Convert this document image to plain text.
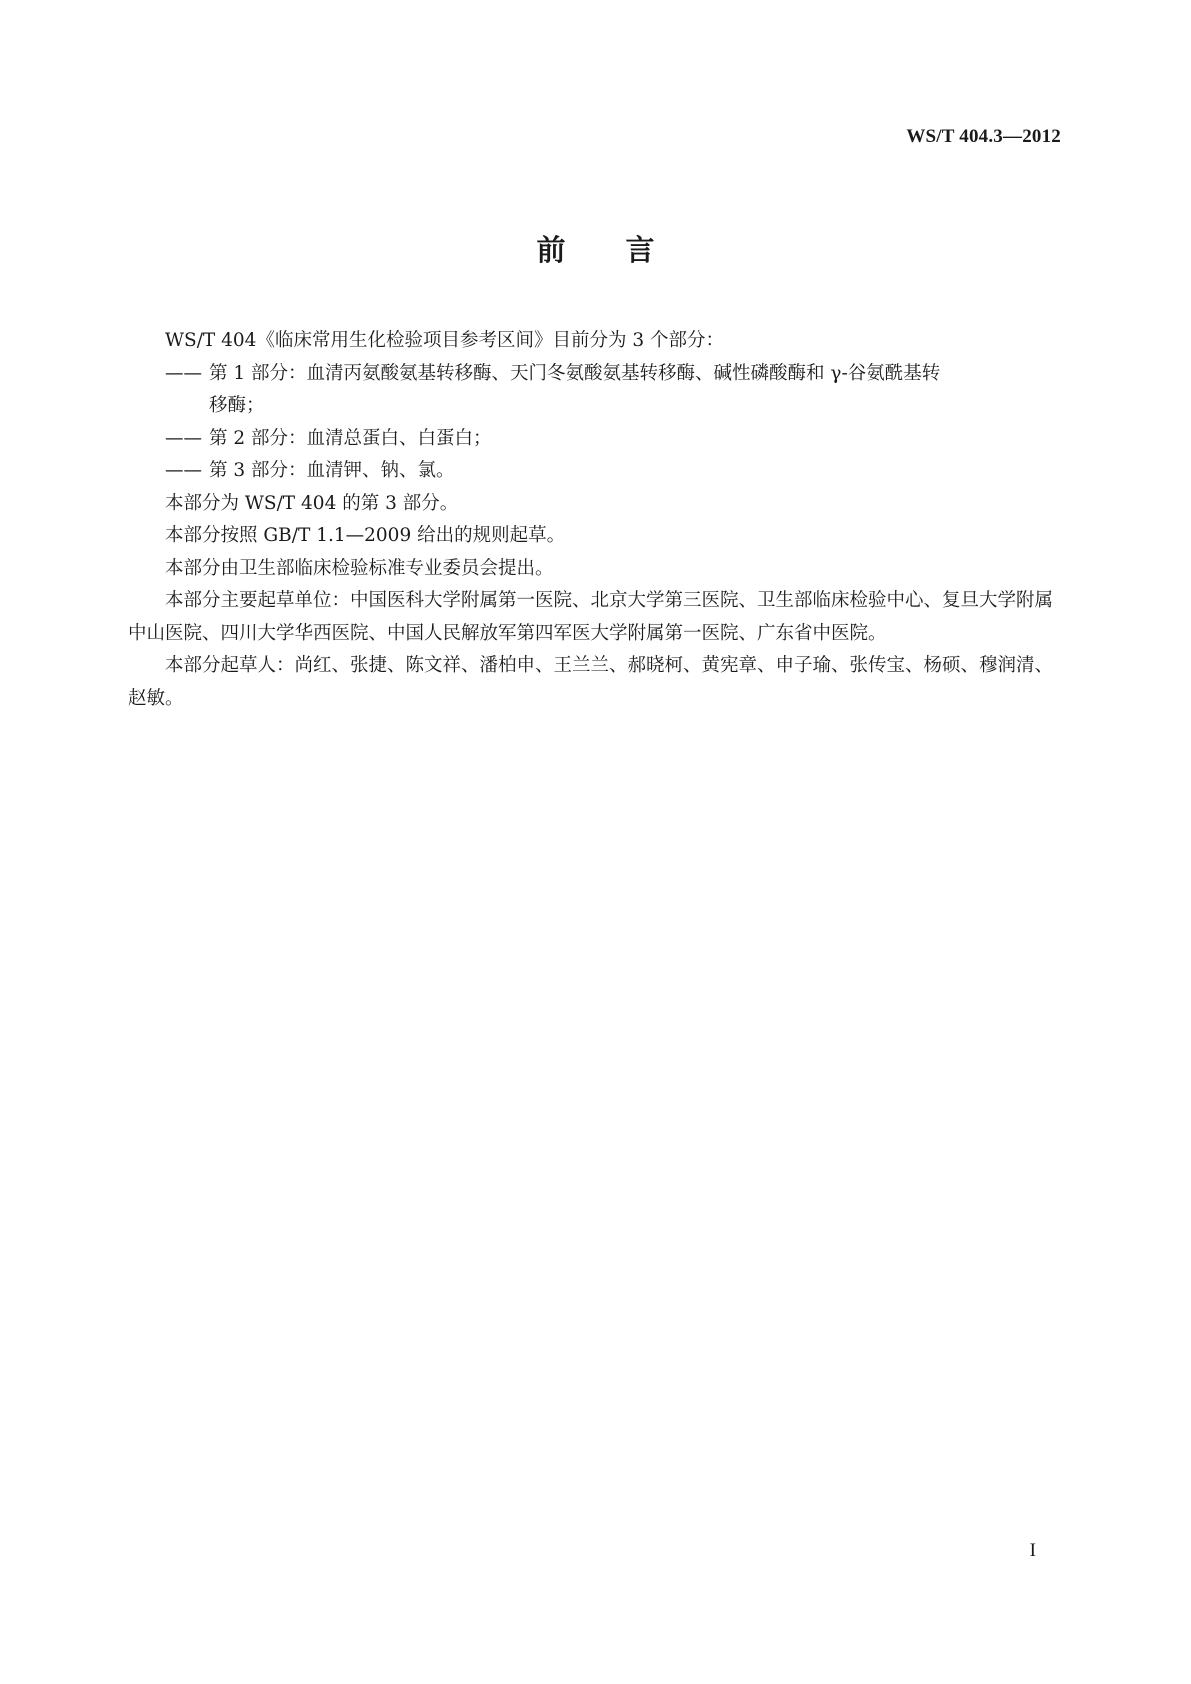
WS/T 404.3—2012
前 言

WS/T 404《临床常用生化检验项目参考区间》目前分为 3 个部分：

—— 第 1 部分：血清丙氨酸氨基转移酶、天门冬氨酸氨基转移酶、碱性磷酸酶和 γ-谷氨酰基转
移酶；
—— 第 2 部分：血清总蛋白、白蛋白；
—— 第 3 部分：血清钾、钠、氯。

本部分为 WS/T 404 的第 3 部分。

本部分按照 GB/T 1.1—2009 给出的规则起草。

本部分由卫生部临床检验标准专业委员会提出。

本部分主要起草单位：中国医科大学附属第一医院、北京大学第三医院、卫生部临床检验中心、复旦大学附属中山医院、四川大学华西医院、中国人民解放军第四军医大学附属第一医院、广东省中医院。

本部分起草人：尚红、张捷、陈文祥、潘柏申、王兰兰、郝晓柯、黄宪章、申子瑜、张传宝、杨硕、穆润清、赵敏。

I
